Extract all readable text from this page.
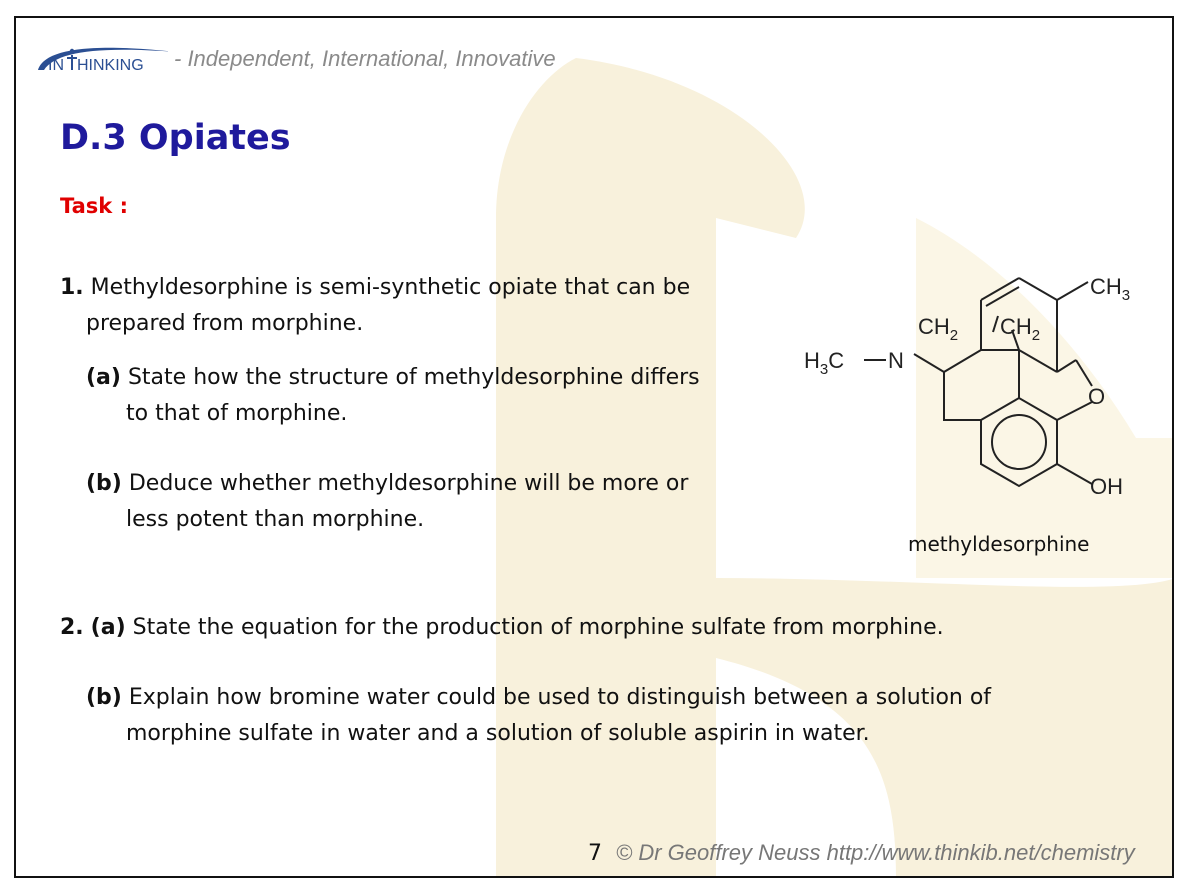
IN HINKING - Independent, International, Innovative
D.3 Opiates
Task :
1. Methyldesorphine is semi-synthetic opiate that can be
prepared from morphine.
(a) State how the structure of methyldesorphine differs
to that of morphine.
(b) Deduce whether methyldesorphine will be more or
less potent than morphine.
2. (a) State the equation for the production of morphine sulfate from morphine.
(b) Explain how bromine water could be used to distinguish between a solution of
morphine sulfate in water and a solution of soluble aspirin in water.
$CH_3$
$CH_2$ $CH_2$
$H_3C$ N
O
OH
methyldesorphine
7 © Dr Geoffrey Neuss http://www.thinkib.net/chemistry
